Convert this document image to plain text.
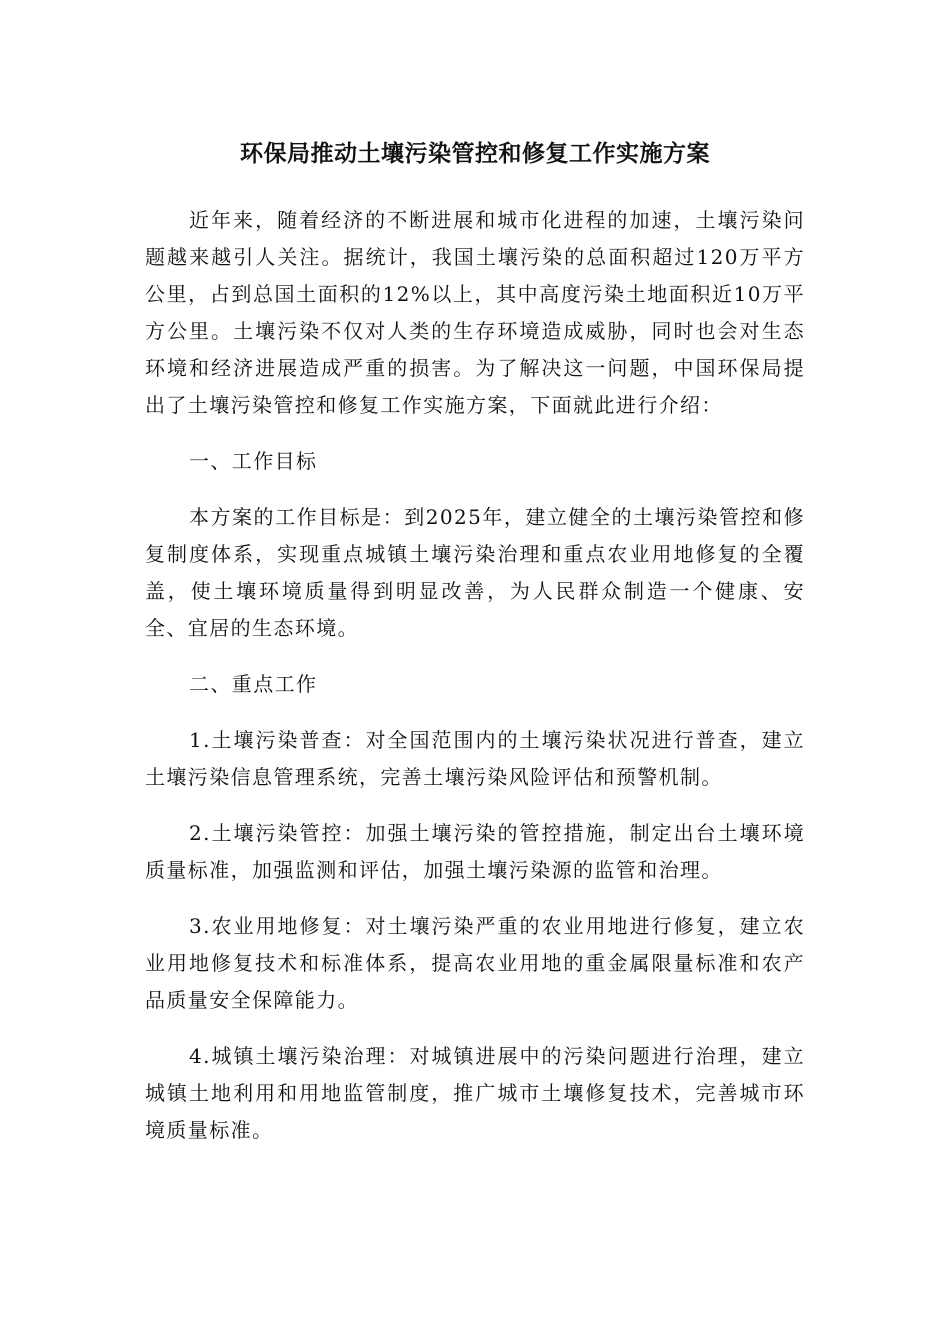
环保局推动土壤污染管控和修复工作实施方案

近年来，随着经济的不断进展和城市化进程的加速，土壤污染问题越来越引人关注。据统计，我国土壤污染的总面积超过120万平方公里，占到总国土面积的12%以上，其中高度污染土地面积近10万平方公里。土壤污染不仅对人类的生存环境造成威胁，同时也会对生态环境和经济进展造成严重的损害。为了解决这一问题，中国环保局提出了土壤污染管控和修复工作实施方案，下面就此进行介绍：

一、工作目标

本方案的工作目标是：到2025年，建立健全的土壤污染管控和修复制度体系，实现重点城镇土壤污染治理和重点农业用地修复的全覆盖，使土壤环境质量得到明显改善，为人民群众制造一个健康、安全、宜居的生态环境。

二、重点工作

1.土壤污染普查：对全国范围内的土壤污染状况进行普查，建立土壤污染信息管理系统，完善土壤污染风险评估和预警机制。

2.土壤污染管控：加强土壤污染的管控措施，制定出台土壤环境质量标准，加强监测和评估，加强土壤污染源的监管和治理。

3.农业用地修复：对土壤污染严重的农业用地进行修复，建立农业用地修复技术和标准体系，提高农业用地的重金属限量标准和农产品质量安全保障能力。

4.城镇土壤污染治理：对城镇进展中的污染问题进行治理，建立城镇土地利用和用地监管制度，推广城市土壤修复技术，完善城市环境质量标准。
